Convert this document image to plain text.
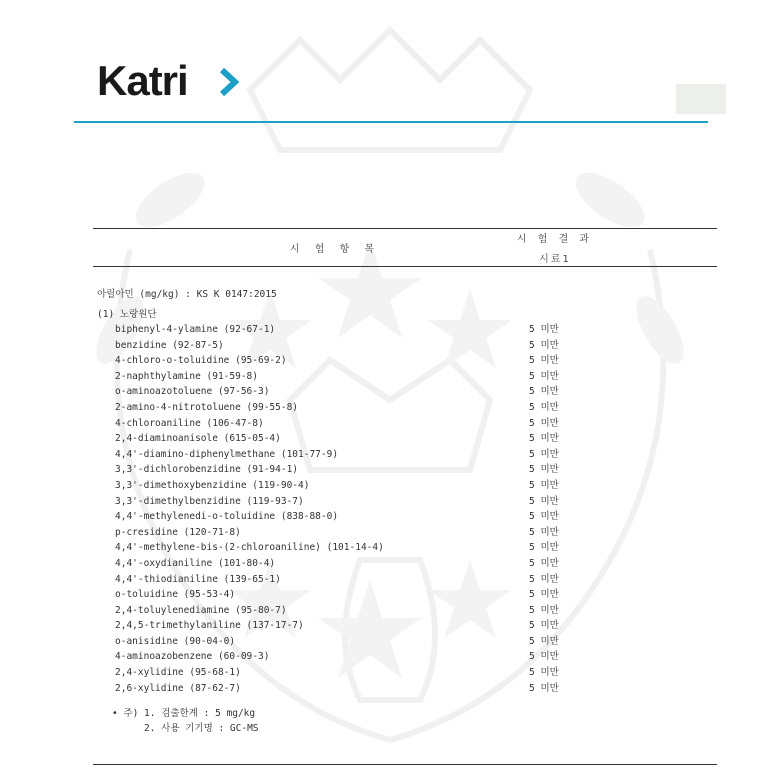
Katri
시 험 항 목
시 험 결 과
시료1
아릴아민 (mg/kg) : KS K 0147:2015
(1) 노랑원단
biphenyl-4-ylamine (92-67-1)	5 미만
benzidine (92-87-5)	5 미만
4-chloro-o-toluidine (95-69-2)	5 미만
2-naphthylamine (91-59-8)	5 미만
o-aminoazotoluene (97-56-3)	5 미만
2-amino-4-nitrotoluene (99-55-8)	5 미만
4-chloroaniline (106-47-8)	5 미만
2,4-diaminoanisole (615-05-4)	5 미만
4,4'-diamino-diphenylmethane (101-77-9)	5 미만
3,3'-dichlorobenzidine (91-94-1)	5 미만
3,3'-dimethoxybenzidine (119-90-4)	5 미만
3,3'-dimethylbenzidine (119-93-7)	5 미만
4,4'-methylenedi-o-toluidine (838-88-0)	5 미만
p-cresidine (120-71-8)	5 미만
4,4'-methylene-bis-(2-chloroaniline) (101-14-4)	5 미만
4,4'-oxydianiline (101-80-4)	5 미만
4,4'-thiodianiline (139-65-1)	5 미만
o-toluidine (95-53-4)	5 미만
2,4-toluylenediamine (95-80-7)	5 미만
2,4,5-trimethylaniline (137-17-7)	5 미만
o-anisidine (90-04-0)	5 미만
4-aminoazobenzene (60-09-3)	5 미만
2,4-xylidine (95-68-1)	5 미만
2,6-xylidine (87-62-7)	5 미만
• 주) 1. 검출한계 : 5 mg/kg
2. 사용 기기명 : GC-MS
